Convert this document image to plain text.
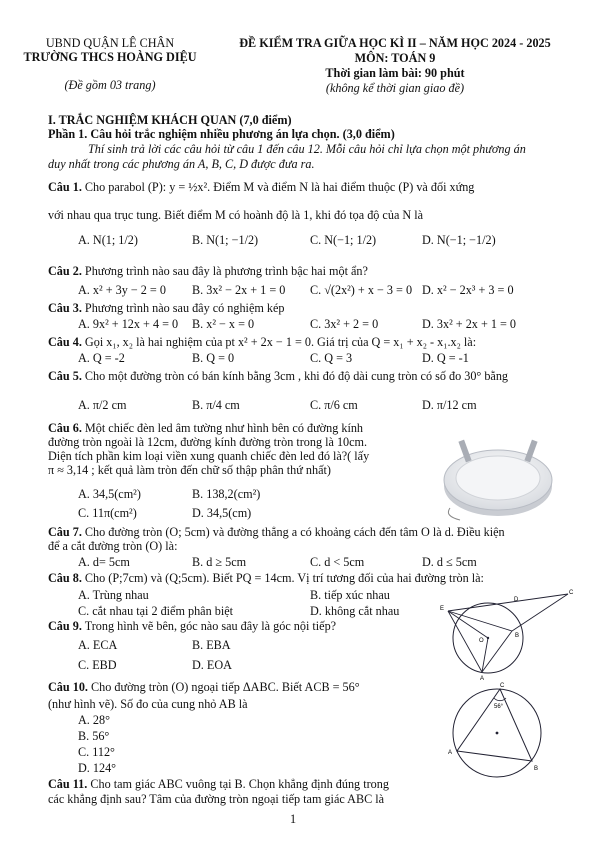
UBND QUẬN LÊ CHÂN
TRƯỜNG THCS HOÀNG DIỆU
(Đề gồm 03 trang)
ĐỀ KIỂM TRA GIỮA HỌC KÌ II – NĂM HỌC 2024 - 2025
MÔN: TOÁN 9
Thời gian làm bài: 90 phút
(không kể thời gian giao đề)
I. TRẮC NGHIỆM KHÁCH QUAN (7,0 điểm)
Phần 1. Câu hỏi trắc nghiệm nhiều phương án lựa chọn. (3,0 điểm)
Thí sinh trả lời các câu hỏi từ câu 1 đến câu 12. Mỗi câu hỏi chỉ lựa chọn một phương án
duy nhất trong các phương án A, B, C, D được đưa ra.
Câu 1. Cho parabol (P): y = ½x². Điểm M và điểm N là hai điểm thuộc (P) và đối xứng
với nhau qua trục tung. Biết điểm M có hoành độ là 1, khi đó tọa độ của N là
A. N(1; 1/2)	B. N(1; −1/2)	C. N(−1; 1/2)	D. N(−1; −1/2)
Câu 2. Phương trình nào sau đây là phương trình bậc hai một ẩn?
A. x² + 3y − 2 = 0 B. 3x² − 2x + 1 = 0 C. √(2x²) + x − 3 = 0 D. x² − 2x³ + 3 = 0
Câu 3. Phương trình nào sau đây có nghiệm kép
A. 9x² + 12x + 4 = 0 B. x² − x = 0	C. 3x² + 2 = 0	D. 3x² + 2x + 1 = 0
Câu 4. Gọi x₁, x₂ là hai nghiệm của pt x² + 2x − 1 = 0. Giá trị của Q = x₁ + x₂ - x₁.x₂ là:
A. Q = -2	B. Q = 0	C. Q = 3	D. Q = -1
Câu 5. Cho một đường tròn có bán kính bằng 3cm , khi đó độ dài cung tròn có số đo 30° bằng
A. π/2 cm	B. π/4 cm	C. π/6 cm	D. π/12 cm
Câu 6. Một chiếc đèn led âm tường như hình bên có đường kính
đường tròn ngoài là 12cm, đường kính đường tròn trong là 10cm.
Diện tích phần kim loại viền xung quanh chiếc đèn led đó là?( lấy
π ≈ 3,14 ; kết quả làm tròn đến chữ số thập phân thứ nhất)
A. 34,5(cm²)	B. 138,2(cm²)
C. 11π(cm²)	D. 34,5(cm)
Câu 7. Cho đường tròn (O; 5cm) và đường thẳng a có khoảng cách đến tâm O là d. Điều kiện
để a cắt đường tròn (O) là:
A. d= 5cm	B. d ≥ 5cm	C. d < 5cm	D. d ≤ 5cm
Câu 8. Cho (P;7cm) và (Q;5cm). Biết PQ = 14cm. Vị trí tương đối của hai đường tròn là:
A. Trùng nhau	B. tiếp xúc nhau
C. cắt nhau tại 2 điểm phân biệt	D. không cắt nhau
Câu 9. Trong hình vẽ bên, góc nào sau đây là góc nội tiếp?
A. ECA	B. EBA
C. EBD	D. EOA
E
D
C
O
B
A
Câu 10. Cho đường tròn (O) ngoại tiếp ΔABC. Biết ACB = 56°
(như hình vẽ). Số đo của cung nhỏ AB là
A. 28°
B. 56°
C. 112°
D. 124°
C
56°
A
B
Câu 11. Cho tam giác ABC vuông tại B. Chọn khẳng định đúng trong
các khẳng định sau? Tâm của đường tròn ngoại tiếp tam giác ABC là
1
